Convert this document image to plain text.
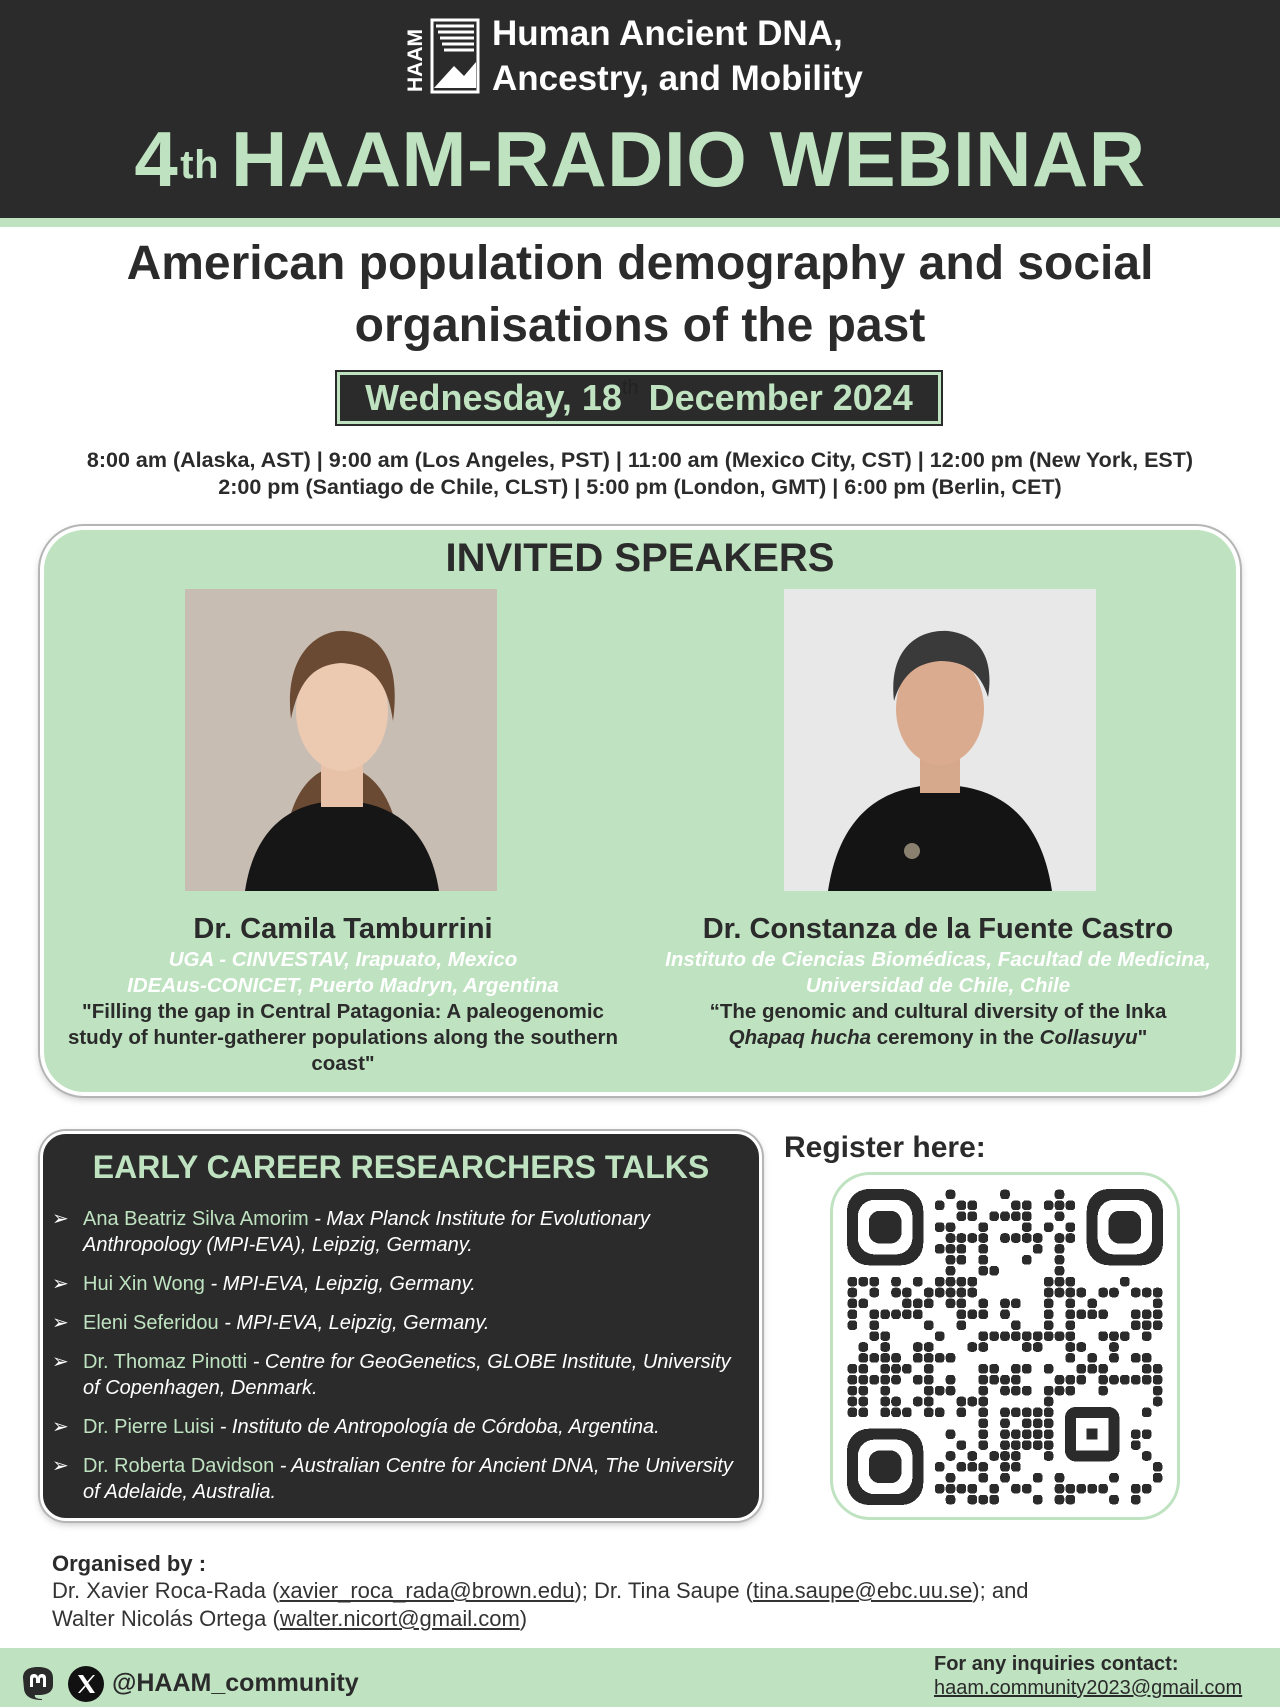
HAAM Human Ancient DNA,
Ancestry, and Mobility
4th HAAM-RADIO WEBINAR
American population demography and social
organisations of the past
Wednesday, 18th December 2024
8:00 am (Alaska, AST) | 9:00 am (Los Angeles, PST) | 11:00 am (Mexico City, CST) | 12:00 pm (New York, EST)
2:00 pm (Santiago de Chile, CLST) | 5:00 pm (London, GMT) | 6:00 pm (Berlin, CET)
INVITED SPEAKERS
Dr. Camila Tamburrini
UGA - CINVESTAV, Irapuato, Mexico
IDEAus-CONICET, Puerto Madryn, Argentina
"Filling the gap in Central Patagonia: A paleogenomic
study of hunter-gatherer populations along the southern
coast"
Dr. Constanza de la Fuente Castro
Instituto de Ciencias Biomédicas, Facultad de Medicina,
Universidad de Chile, Chile
“The genomic and cultural diversity of the Inka
Qhapaq hucha ceremony in the Collasuyu"
EARLY CAREER RESEARCHERS TALKS
➢ Ana Beatriz Silva Amorim - Max Planck Institute for Evolutionary Anthropology (MPI-EVA), Leipzig, Germany.
➢ Hui Xin Wong - MPI-EVA, Leipzig, Germany.
➢ Eleni Seferidou - MPI-EVA, Leipzig, Germany.
➢ Dr. Thomaz Pinotti - Centre for GeoGenetics, GLOBE Institute, University of Copenhagen, Denmark.
➢ Dr. Pierre Luisi - Instituto de Antropología de Córdoba, Argentina.
➢ Dr. Roberta Davidson - Australian Centre for Ancient DNA, The University of Adelaide, Australia.
Register here:
Organised by :
Dr. Xavier Roca-Rada (xavier_roca_rada@brown.edu); Dr. Tina Saupe (tina.saupe@ebc.uu.se); and
Walter Nicolás Ortega (walter.nicort@gmail.com)
@HAAM_community
For any inquiries contact:
haam.community2023@gmail.com
